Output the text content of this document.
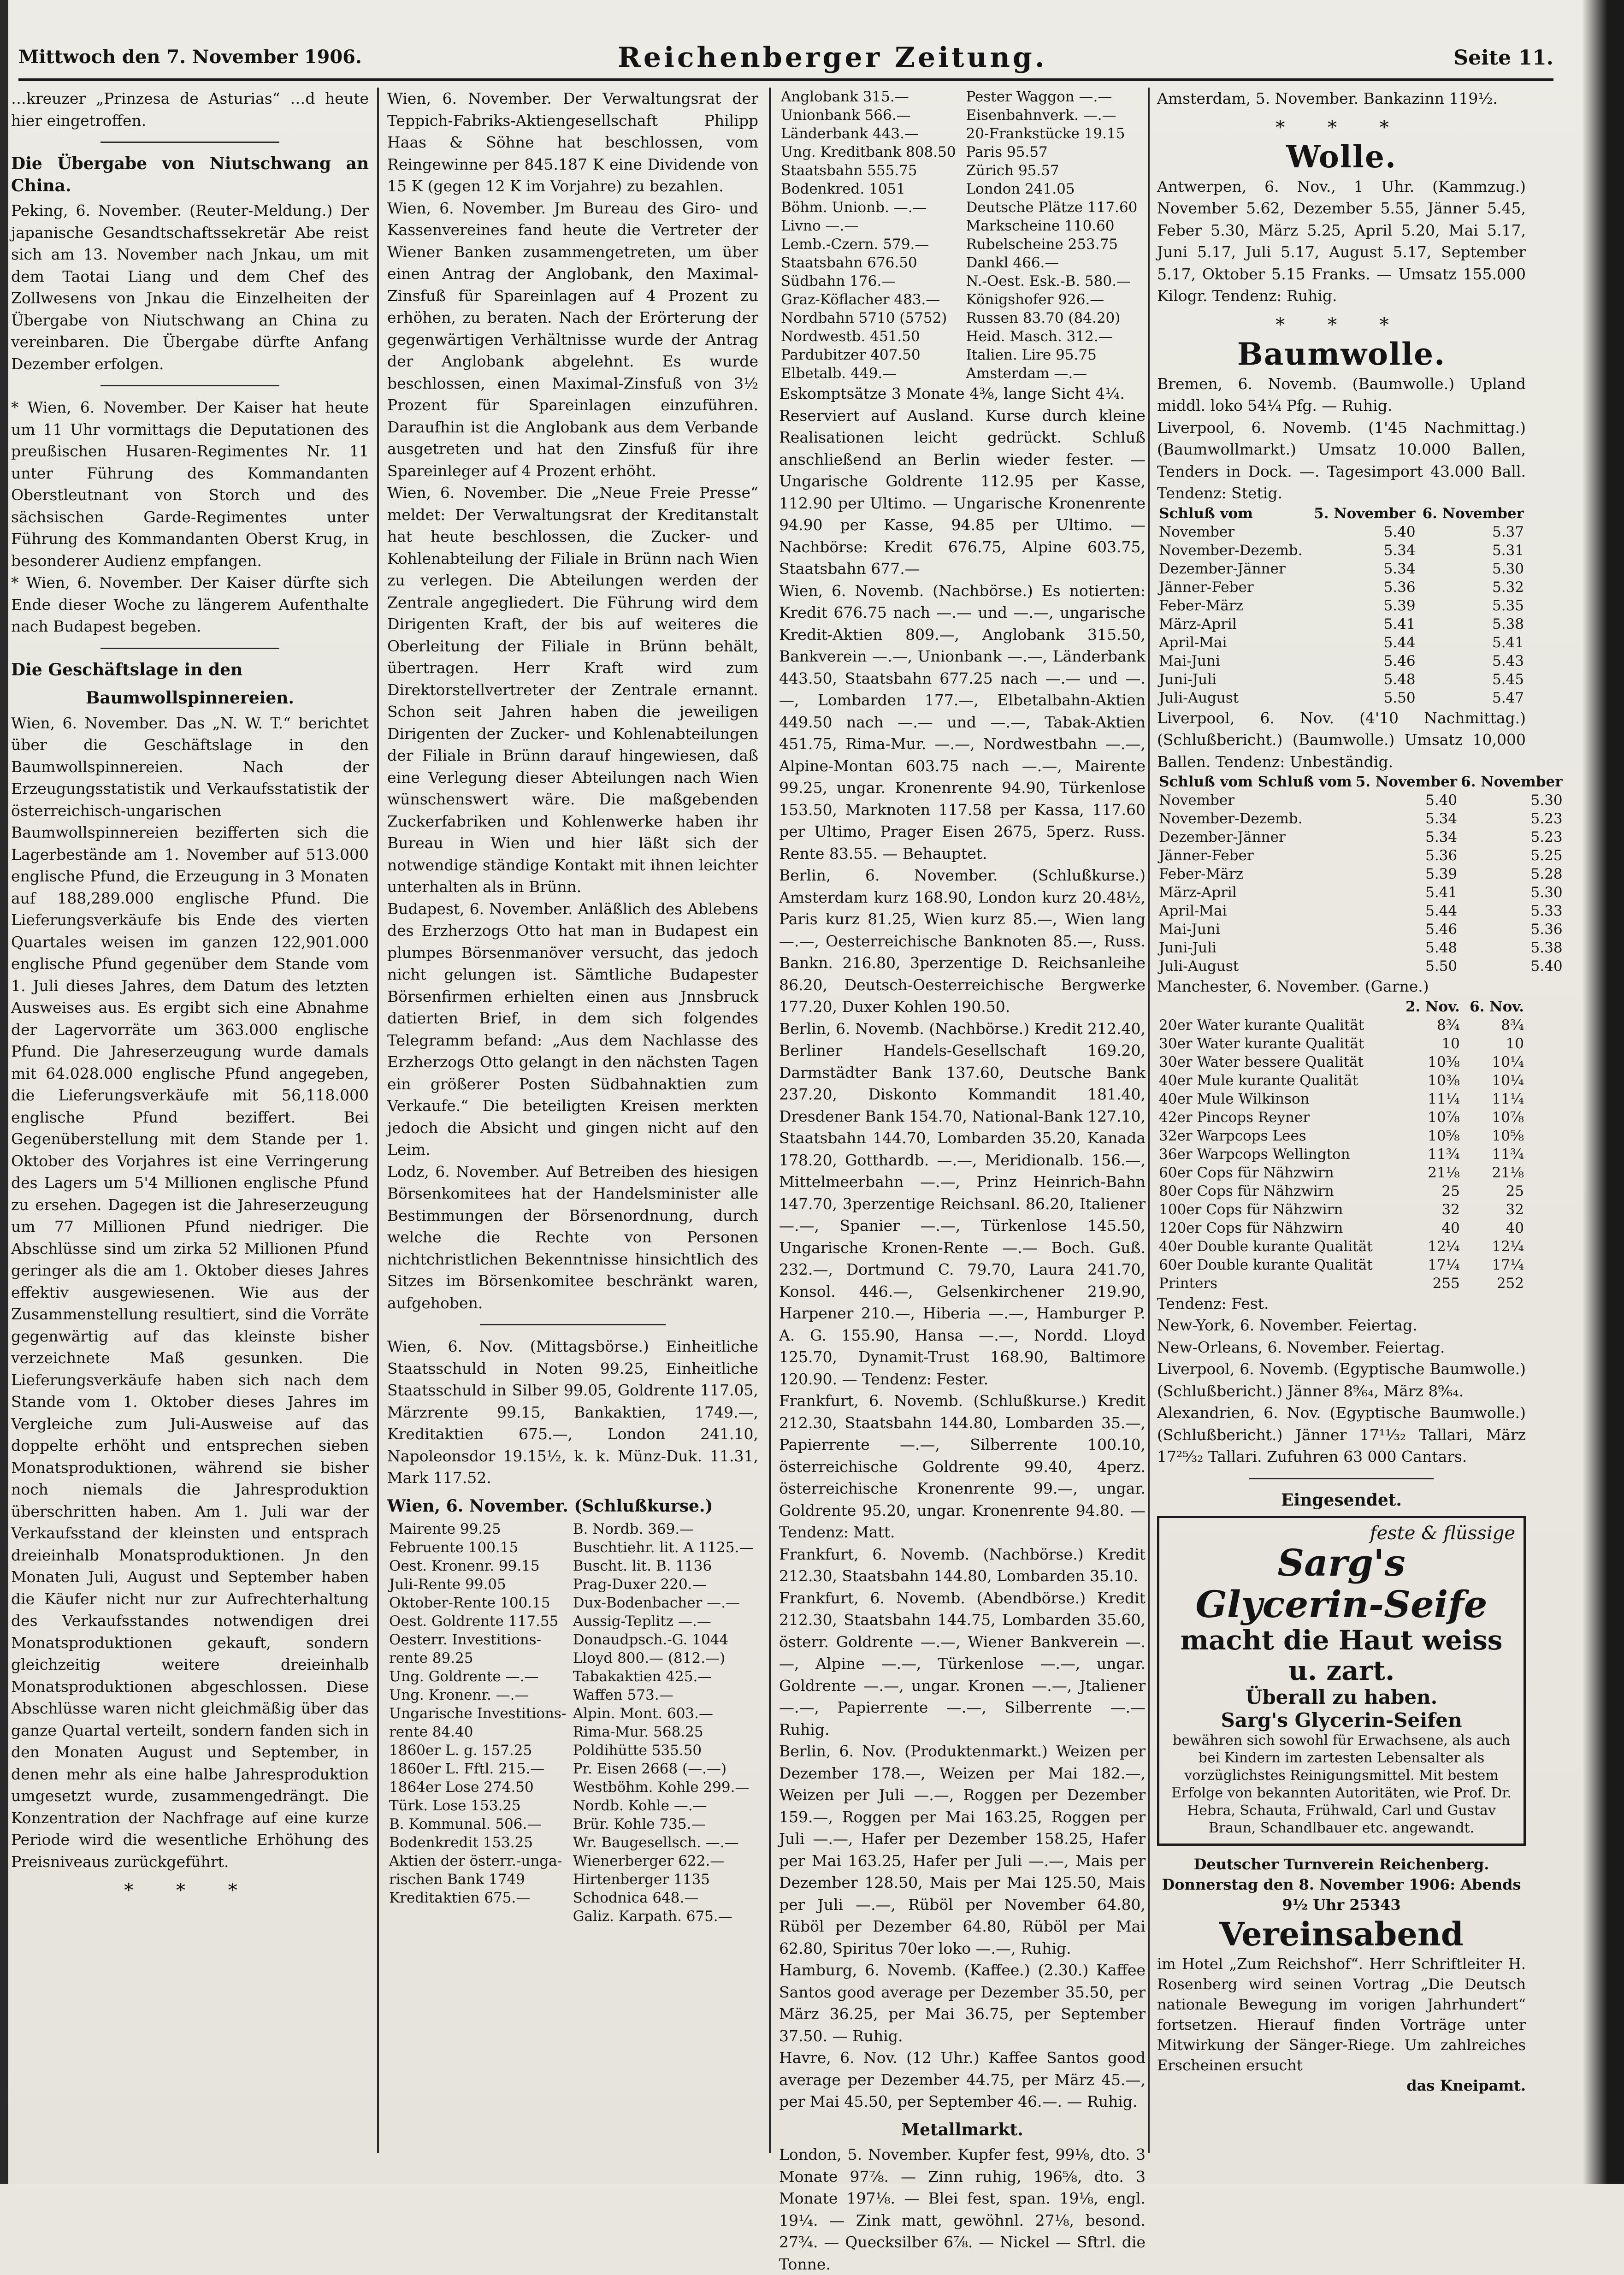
Mittwoch den 7. November 1906.	Reichenberger Zeitung.	Seite 11.

…kreuzer „Prinzesa de Asturias“ …d heute hier eingetroffen.

Die Übergabe von Niutschwang an China.

Peking, 6. November. (Reuter-Meldung.) Der japanische Gesandtschaftssekretär Abe reist sich am 13. November nach Jnkau, um mit dem Taotai Liang und dem Chef des Zollwesens von Jnkau die Einzelheiten der Übergabe von Niutschwang an China zu vereinbaren. Die Übergabe dürfte Anfang Dezember erfolgen.

* Wien, 6. November. Der Kaiser hat heute um 11 Uhr vormittags die Deputationen des preußischen Husaren-Regimentes Nr. 11 unter Führung des Kommandanten Oberstleutnant von Storch und des sächsischen Garde-Regimentes unter Führung des Kommandanten Oberst Krug, in besonderer Audienz empfangen.

* Wien, 6. November. Der Kaiser dürfte sich Ende dieser Woche zu längerem Aufenthalte nach Budapest begeben.

Die Geschäftslage in den
Baumwollspinnereien.

Wien, 6. November. Das „N. W. T.“ berichtet über die Geschäftslage in den Baumwollspinnereien. Nach der Erzeugungsstatistik und Verkaufsstatistik der österreichisch-ungarischen Baumwollspinnereien bezifferten sich die Lagerbestände am 1. November auf 513.000 englische Pfund, die Erzeugung in 3 Monaten auf 188,289.000 englische Pfund. Die Lieferungsverkäufe bis Ende des vierten Quartales weisen im ganzen 122,901.000 englische Pfund gegenüber dem Stande vom 1. Juli dieses Jahres, dem Datum des letzten Ausweises aus. Es ergibt sich eine Abnahme der Lagervorräte um 363.000 englische Pfund. Die Jahreserzeugung wurde damals mit 64.028.000 englische Pfund angegeben, die Lieferungsverkäufe mit 56,118.000 englische Pfund beziffert. Bei Gegenüberstellung mit dem Stande per 1. Oktober des Vorjahres ist eine Verringerung des Lagers um 5'4 Millionen englische Pfund zu ersehen. Dagegen ist die Jahreserzeugung um 77 Millionen Pfund niedriger. Die Abschlüsse sind um zirka 52 Millionen Pfund geringer als die am 1. Oktober dieses Jahres effektiv ausgewiesenen. Wie aus der Zusammenstellung resultiert, sind die Vorräte gegenwärtig auf das kleinste bisher verzeichnete Maß gesunken. Die Lieferungsverkäufe haben sich nach dem Stande vom 1. Oktober dieses Jahres im Vergleiche zum Juli-Ausweise auf das doppelte erhöht und entsprechen sieben Monatsproduktionen, während sie bisher noch niemals die Jahresproduktion überschritten haben. Am 1. Juli war der Verkaufsstand der kleinsten und entsprach dreieinhalb Monatsproduktionen. Jn den Monaten Juli, August und September haben die Käufer nicht nur zur Aufrechterhaltung des Verkaufsstandes notwendigen drei Monatsproduktionen gekauft, sondern gleichzeitig weitere dreieinhalb Monatsproduktionen abgeschlossen. Diese Abschlüsse waren nicht gleichmäßig über das ganze Quartal verteilt, sondern fanden sich in den Monaten August und September, in denen mehr als eine halbe Jahresproduktion umgesetzt wurde, zusammengedrängt. Die Konzentration der Nachfrage auf eine kurze Periode wird die wesentliche Erhöhung des Preisniveaus zurückgeführt.

* * *

Wien, 6. November. Der Verwaltungsrat der Teppich-Fabriks-Aktiengesellschaft Philipp Haas & Söhne hat beschlossen, vom Reingewinne per 845.187 K eine Dividende von 15 K (gegen 12 K im Vorjahre) zu bezahlen.

Wien, 6. November. Jm Bureau des Giro- und Kassenvereines fand heute die Vertreter der Wiener Banken zusammengetreten, um über einen Antrag der Anglobank, den Maximal-Zinsfuß für Spareinlagen auf 4 Prozent zu erhöhen, zu beraten. Nach der Erörterung der gegenwärtigen Verhältnisse wurde der Antrag der Anglobank abgelehnt. Es wurde beschlossen, einen Maximal-Zinsfuß von 3½ Prozent für Spareinlagen einzuführen. Daraufhin ist die Anglobank aus dem Verbande ausgetreten und hat den Zinsfuß für ihre Spareinleger auf 4 Prozent erhöht.

Wien, 6. November. Die „Neue Freie Presse“ meldet: Der Verwaltungsrat der Kreditanstalt hat heute beschlossen, die Zucker- und Kohlenabteilung der Filiale in Brünn nach Wien zu verlegen. Die Abteilungen werden der Zentrale angegliedert. Die Führung wird dem Dirigenten Kraft, der bis auf weiteres die Oberleitung der Filiale in Brünn behält, übertragen. Herr Kraft wird zum Direktorstellvertreter der Zentrale ernannt. Schon seit Jahren haben die jeweiligen Dirigenten der Zucker- und Kohlenabteilungen der Filiale in Brünn darauf hingewiesen, daß eine Verlegung dieser Abteilungen nach Wien wünschenswert wäre. Die maßgebenden Zuckerfabriken und Kohlenwerke haben ihr Bureau in Wien und hier läßt sich der notwendige ständige Kontakt mit ihnen leichter unterhalten als in Brünn.

Budapest, 6. November. Anläßlich des Ablebens des Erzherzogs Otto hat man in Budapest ein plumpes Börsenmanöver versucht, das jedoch nicht gelungen ist. Sämtliche Budapester Börsenfirmen erhielten einen aus Jnnsbruck datierten Brief, in dem sich folgendes Telegramm befand: „Aus dem Nachlasse des Erzherzogs Otto gelangt in den nächsten Tagen ein größerer Posten Südbahnaktien zum Verkaufe.“ Die beteiligten Kreisen merkten jedoch die Absicht und gingen nicht auf den Leim.

Lodz, 6. November. Auf Betreiben des hiesigen Börsenkomitees hat der Handelsminister alle Bestimmungen der Börsenordnung, durch welche die Rechte von Personen nichtchristlichen Bekenntnisse hinsichtlich des Sitzes im Börsenkomitee beschränkt waren, aufgehoben.

Wien, 6. Nov. (Mittagsbörse.) Einheitliche Staatsschuld in Noten 99.25, Einheitliche Staatsschuld in Silber 99.05, Goldrente 117.05, Märzrente 99.15, Bankaktien, 1749.—, Kreditaktien 675.—, London 241.10, Napoleonsdor 19.15½, k. k. Münz-Duk. 11.31, Mark 117.52.

Wien, 6. November. (Schlußkurse.)
Mairente 99.25	B. Nordb. 369.—
Februente 100.15	Buschtiehr. lit. A 1125.—
Oest. Kronenr. 99.15	Buscht. lit. B. 1136
Juli-Rente 99.05	Prag-Duxer 220.—
Oktober-Rente 100.15	Dux-Bodenbacher —.—
Oest. Goldrente 117.55	Aussig-Teplitz —.—
Oesterr. Investitions-	Donaudpsch.-G. 1044
rente 89.25	Lloyd 800.— (812.—)
Ung. Goldrente —.—	Tabakaktien 425.—
Ung. Kronenr. —.—	Waffen 573.—
Ungarische Investitions-	Alpin. Mont. 603.—
rente 84.40	Rima-Mur. 568.25
1860er L. g. 157.25	Poldihütte 535.50
1860er L. Fftl. 215.—	Pr. Eisen 2668 (—.—)
1864er Lose 274.50	Westböhm. Kohle 299.—
Türk. Lose 153.25	Nordb. Kohle —.—
B. Kommunal. 506.—	Brür. Kohle 735.—
Bodenkredit 153.25	Wr. Baugesellsch. —.—
Aktien der österr.-unga-	Wienerberger 622.—
rischen Bank 1749	Hirtenberger 1135
Kreditaktien 675.—	Schodnica 648.—
	Galiz. Karpath. 675.—
Anglobank 315.—	Pester Waggon —.—
Unionbank 566.—	Eisenbahnverk. —.—
Länderbank 443.—	20-Frankstücke 19.15
Ung. Kreditbank 808.50	Paris 95.57
Staatsbahn 555.75	Zürich 95.57
Bodenkred. 1051	London 241.05
Böhm. Unionb. —.—	Deutsche Plätze 117.60
Livno —.—	Markscheine 110.60
Lemb.-Czern. 579.—	Rubelscheine 253.75
Staatsbahn 676.50	Dankl 466.—
Südbahn 176.—	N.-Oest. Esk.-B. 580.—
Graz-Köflacher 483.—	Königshofer 926.—
Nordbahn 5710 (5752)	Russen 83.70 (84.20)
Nordwestb. 451.50	Heid. Masch. 312.—
Pardubitzer 407.50	Italien. Lire 95.75
Elbetalb. 449.—	Amsterdam —.—

Eskomptsätze 3 Monate 4⅜, lange Sicht 4¼.

Reserviert auf Ausland. Kurse durch kleine Realisationen leicht gedrückt. Schluß anschließend an Berlin wieder fester. — Ungarische Goldrente 112.95 per Kasse, 112.90 per Ultimo. — Ungarische Kronenrente 94.90 per Kasse, 94.85 per Ultimo. — Nachbörse: Kredit 676.75, Alpine 603.75, Staatsbahn 677.—

Wien, 6. Novemb. (Nachbörse.) Es notierten: Kredit 676.75 nach —.— und —.—, ungarische Kredit-Aktien 809.—, Anglobank 315.50, Bankverein —.—, Unionbank —.—, Länderbank 443.50, Staatsbahn 677.25 nach —.— und —.—, Lombarden 177.—, Elbetalbahn-Aktien 449.50 nach —.— und —.—, Tabak-Aktien 451.75, Rima-Mur. —.—, Nordwestbahn —.—, Alpine-Montan 603.75 nach —.—, Mairente 99.25, ungar. Kronenrente 94.90, Türkenlose 153.50, Marknoten 117.58 per Kassa, 117.60 per Ultimo, Prager Eisen 2675, 5perz. Russ. Rente 83.55. — Behauptet.

Berlin, 6. November. (Schlußkurse.) Amsterdam kurz 168.90, London kurz 20.48½, Paris kurz 81.25, Wien kurz 85.—, Wien lang —.—, Oesterreichische Banknoten 85.—, Russ. Bankn. 216.80, 3perzentige D. Reichsanleihe 86.20, Deutsch-Oesterreichische Bergwerke 177.20, Duxer Kohlen 190.50.

Berlin, 6. Novemb. (Nachbörse.) Kredit 212.40, Berliner Handels-Gesellschaft 169.20, Darmstädter Bank 137.60, Deutsche Bank 237.20, Diskonto Kommandit 181.40, Dresdener Bank 154.70, National-Bank 127.10, Staatsbahn 144.70, Lombarden 35.20, Kanada 178.20, Gotthardb. —.—, Meridionalb. 156.—, Mittelmeerbahn —.—, Prinz Heinrich-Bahn 147.70, 3perzentige Reichsanl. 86.20, Italiener —.—, Spanier —.—, Türkenlose 145.50, Ungarische Kronen-Rente —.— Boch. Guß. 232.—, Dortmund C. 79.70, Laura 241.70, Konsol. 446.—, Gelsenkirchener 219.90, Harpener 210.—, Hiberia —.—, Hamburger P. A. G. 155.90, Hansa —.—, Nordd. Lloyd 125.70, Dynamit-Trust 168.90, Baltimore 120.90. — Tendenz: Fester.

Frankfurt, 6. Novemb. (Schlußkurse.) Kredit 212.30, Staatsbahn 144.80, Lombarden 35.—, Papierrente —.—, Silberrente 100.10, österreichische Goldrente 99.40, 4perz. österreichische Kronenrente 99.—, ungar. Goldrente 95.20, ungar. Kronenrente 94.80. — Tendenz: Matt.

Frankfurt, 6. Novemb. (Nachbörse.) Kredit 212.30, Staatsbahn 144.80, Lombarden 35.10.

Frankfurt, 6. Novemb. (Abendbörse.) Kredit 212.30, Staatsbahn 144.75, Lombarden 35.60, österr. Goldrente —.—, Wiener Bankverein —.—, Alpine —.—, Türkenlose —.—, ungar. Goldrente —.—, ungar. Kronen —.—, Jtaliener —.—, Papierrente —.—, Silberrente —.— Ruhig.

Berlin, 6. Nov. (Produktenmarkt.) Weizen per Dezember 178.—, Weizen per Mai 182.—, Weizen per Juli —.—, Roggen per Dezember 159.—, Roggen per Mai 163.25, Roggen per Juli —.—, Hafer per Dezember 158.25, Hafer per Mai 163.25, Hafer per Juli —.—, Mais per Dezember 128.50, Mais per Mai 125.50, Mais per Juli —.—, Rüböl per November 64.80, Rüböl per Dezember 64.80, Rüböl per Mai 62.80, Spiritus 70er loko —.—, Ruhig.

Hamburg, 6. Novemb. (Kaffee.) (2.30.) Kaffee Santos good average per Dezember 35.50, per März 36.25, per Mai 36.75, per September 37.50. — Ruhig.

Havre, 6. Nov. (12 Uhr.) Kaffee Santos good average per Dezember 44.75, per März 45.—, per Mai 45.50, per September 46.—. — Ruhig.

Metallmarkt.

London, 5. November. Kupfer fest, 99⅛, dto. 3 Monate 97⅞. — Zinn ruhig, 196⅝, dto. 3 Monate 197⅛. — Blei fest, span. 19⅛, engl. 19¼. — Zink matt, gewöhnl. 27⅛, besond. 27¾. — Quecksilber 6⅞. — Nickel — Sftrl. die Tonne.

Amsterdam, 5. November. Bankazinn 119½.

* * *
Wolle.

Antwerpen, 6. Nov., 1 Uhr. (Kammzug.) November 5.62, Dezember 5.55, Jänner 5.45, Feber 5.30, März 5.25, April 5.20, Mai 5.17, Juni 5.17, Juli 5.17, August 5.17, September 5.17, Oktober 5.15 Franks. — Umsatz 155.000 Kilogr. Tendenz: Ruhig.

* * *
Baumwolle.

Bremen, 6. Novemb. (Baumwolle.) Upland middl. loko 54¼ Pfg. — Ruhig.

Liverpool, 6. Novemb. (1'45 Nachmittag.) (Baumwollmarkt.) Umsatz 10.000 Ballen, Tenders in Dock. —. Tagesimport 43.000 Ball. Tendenz: Stetig.

Schluß vom	5. November	6. November
November	5.40	5.37
November-Dezemb.	5.34	5.31
Dezember-Jänner	5.34	5.30
Jänner-Feber	5.36	5.32
Feber-März	5.39	5.35
März-April	5.41	5.38
April-Mai	5.44	5.41
Mai-Juni	5.46	5.43
Juni-Juli	5.48	5.45
Juli-August	5.50	5.47

Liverpool, 6. Nov. (4'10 Nachmittag.) (Schlußbericht.) (Baumwolle.) Umsatz 10,000 Ballen. Tendenz: Unbeständig.

Schluß vom Schluß vom	5. November	6. November
November	5.40	5.30
November-Dezemb.	5.34	5.23
Dezember-Jänner	5.34	5.23
Jänner-Feber	5.36	5.25
Feber-März	5.39	5.28
März-April	5.41	5.30
April-Mai	5.44	5.33
Mai-Juni	5.46	5.36
Juni-Juli	5.48	5.38
Juli-August	5.50	5.40

Manchester, 6. November. (Garne.)

	2. Nov.	6. Nov.
20er Water kurante Qualität	8¾	8¾
30er Water kurante Qualität	10	10
30er Water bessere Qualität	10⅜	10¼
40er Mule kurante Qualität	10⅜	10¼
40er Mule Wilkinson	11¼	11¼
42er Pincops Reyner	10⅞	10⅞
32er Warpcops Lees	10⅝	10⅝
36er Warpcops Wellington	11¾	11¾
60er Cops für Nähzwirn	21⅛	21⅛
80er Cops für Nähzwirn	25	25
100er Cops für Nähzwirn	32	32
120er Cops für Nähzwirn	40	40
40er Double kurante Qualität	12¼	12¼
60er Double kurante Qualität	17¼	17¼
Printers	255	252

Tendenz: Fest.

New-York, 6. November. Feiertag.

New-Orleans, 6. November. Feiertag.

Liverpool, 6. Novemb. (Egyptische Baumwolle.) (Schlußbericht.) Jänner 8⁹⁄₆₄, März 8⁹⁄₆₄.

Alexandrien, 6. Nov. (Egyptische Baumwolle.) (Schlußbericht.) Jänner 17¹¹⁄₃₂ Tallari, März 17²⁵⁄₃₂ Tallari. Zufuhren 63 000 Cantars.

Eingesendet.
feste & flüssige
Sarg's
Glycerin-Seife
macht die Haut weiss u. zart.
Überall zu haben.
Sarg's Glycerin-Seifen
bewähren sich sowohl für Erwachsene, als auch bei Kindern im zartesten Lebensalter als vorzüglichstes Reinigungsmittel. Mit bestem Erfolge von bekannten Autoritäten, wie Prof. Dr. Hebra, Schauta, Frühwald, Carl und Gustav Braun, Schandlbauer etc. angewandt.
Deutscher Turnverein Reichenberg.
Donnerstag den 8. November 1906: Abends 9½ Uhr 25343
Vereinsabend
im Hotel „Zum Reichshof“. Herr Schriftleiter H. Rosenberg wird seinen Vortrag „Die Deutsch nationale Bewegung im vorigen Jahrhundert“ fortsetzen. Hierauf finden Vorträge unter Mitwirkung der Sänger-Riege. Um zahlreiches Erscheinen ersucht
das Kneipamt.
